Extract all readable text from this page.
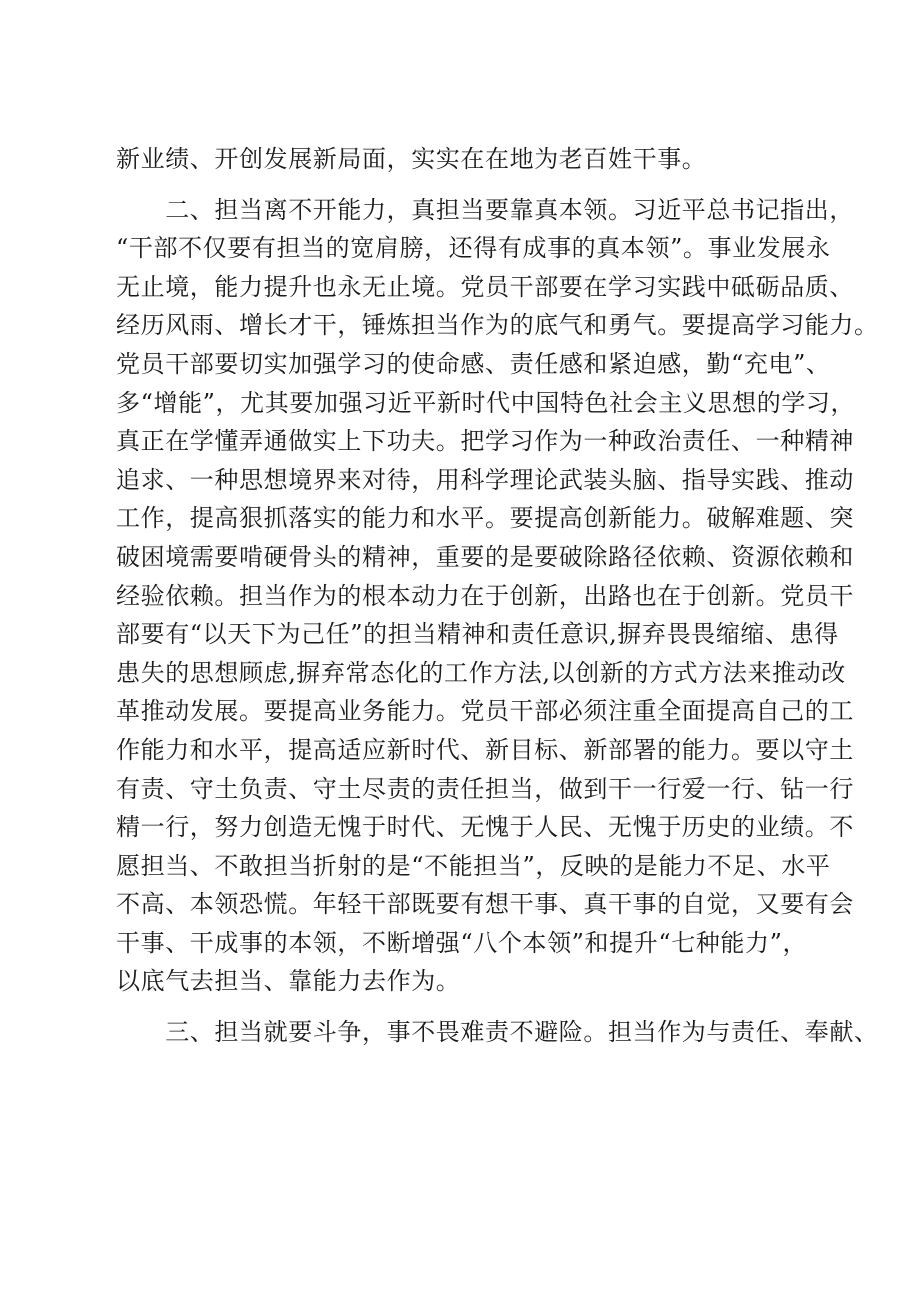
新业绩、开创发展新局面，实实在在地为老百姓干事。
　　二、担当离不开能力，真担当要靠真本领。习近平总书记指出，
“干部不仅要有担当的宽肩膀，还得有成事的真本领”。事业发展永
无止境，能力提升也永无止境。党员干部要在学习实践中砥砺品质、
经历风雨、增长才干，锤炼担当作为的底气和勇气。要提高学习能力。
党员干部要切实加强学习的使命感、责任感和紧迫感，勤“充电”、
多“增能”，尤其要加强习近平新时代中国特色社会主义思想的学习，
真正在学懂弄通做实上下功夫。把学习作为一种政治责任、一种精神
追求、一种思想境界来对待，用科学理论武装头脑、指导实践、推动
工作，提高狠抓落实的能力和水平。要提高创新能力。破解难题、突
破困境需要啃硬骨头的精神，重要的是要破除路径依赖、资源依赖和
经验依赖。担当作为的根本动力在于创新，出路也在于创新。党员干
部要有“以天下为己任”的担当精神和责任意识,摒弃畏畏缩缩、患得
患失的思想顾虑,摒弃常态化的工作方法,以创新的方式方法来推动改
革推动发展。要提高业务能力。党员干部必须注重全面提高自己的工
作能力和水平，提高适应新时代、新目标、新部署的能力。要以守土
有责、守土负责、守土尽责的责任担当，做到干一行爱一行、钻一行
精一行，努力创造无愧于时代、无愧于人民、无愧于历史的业绩。不
愿担当、不敢担当折射的是“不能担当”，反映的是能力不足、水平
不高、本领恐慌。年轻干部既要有想干事、真干事的自觉，又要有会
干事、干成事的本领，不断增强“八个本领”和提升“七种能力”，
以底气去担当、靠能力去作为。
　　三、担当就要斗争，事不畏难责不避险。担当作为与责任、奉献、
